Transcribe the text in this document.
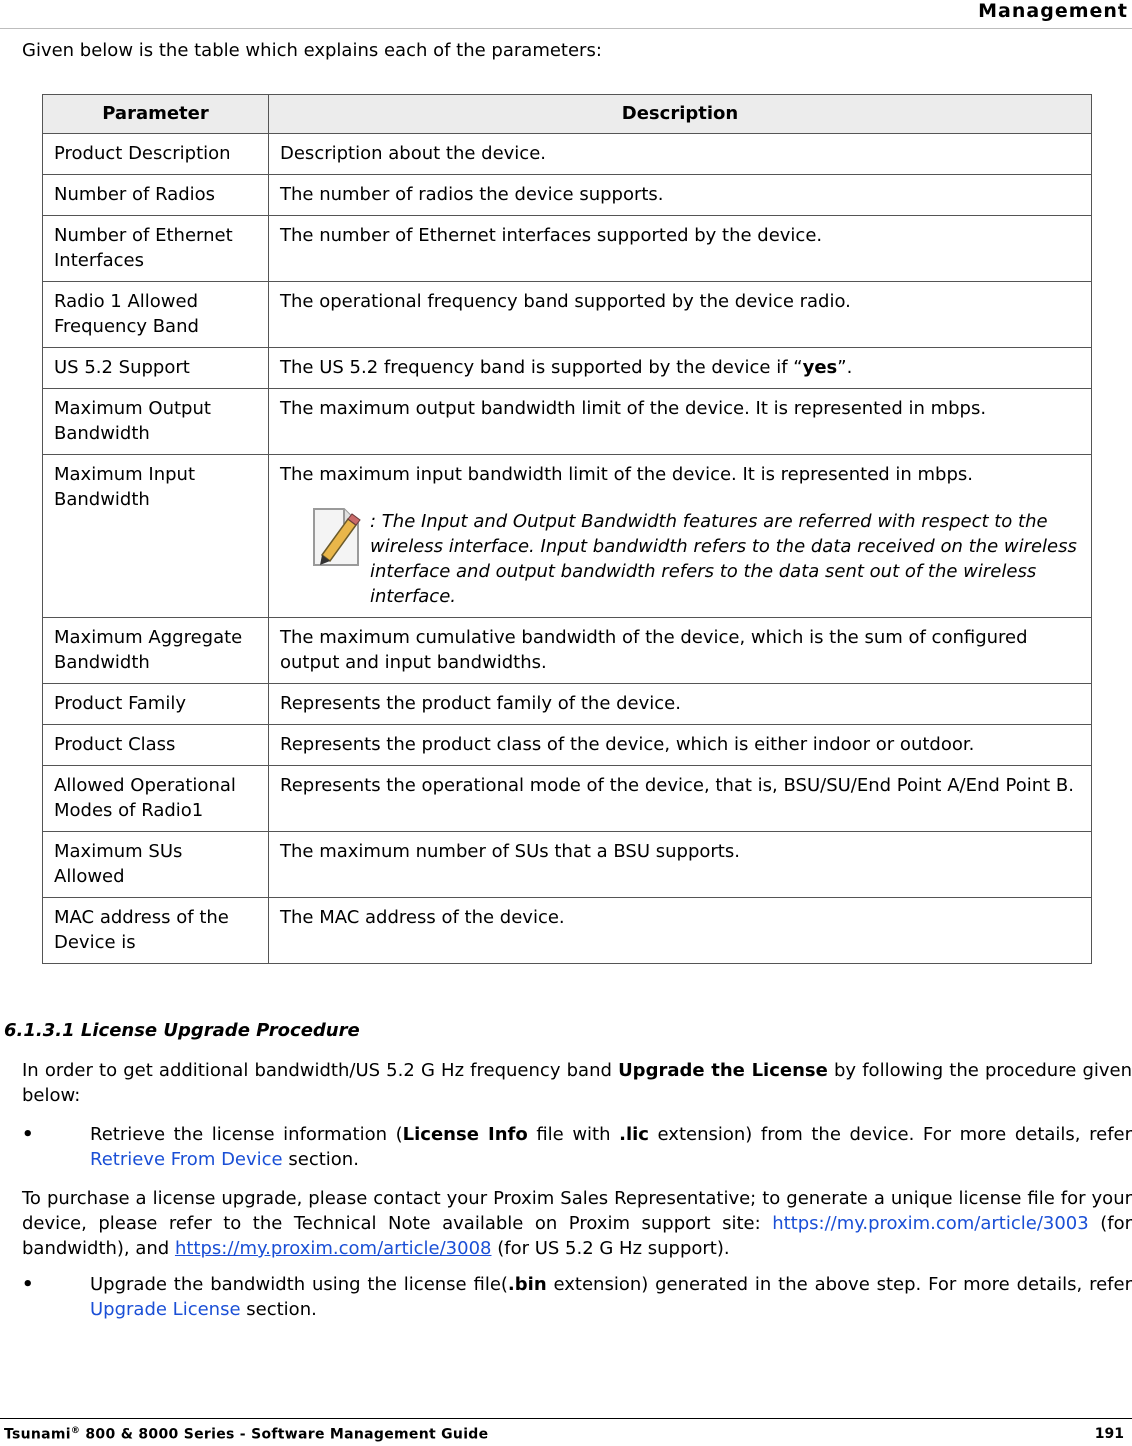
Management
Given below is the table which explains each of the parameters:
Parameter	Description
Product Description	Description about the device.
Number of Radios	The number of radios the device supports.
Number of Ethernet Interfaces	The number of Ethernet interfaces supported by the device.
Radio 1 Allowed Frequency Band	The operational frequency band supported by the device radio.
US 5.2 Support	The US 5.2 frequency band is supported by the device if “yes”.
Maximum Output Bandwidth	The maximum output bandwidth limit of the device. It is represented in mbps.
Maximum Input Bandwidth	The maximum input bandwidth limit of the device. It is represented in mbps.
: The Input and Output Bandwidth features are referred with respect to the wireless interface. Input bandwidth refers to the data received on the wireless interface and output bandwidth refers to the data sent out of the wireless interface.

Maximum Aggregate Bandwidth	The maximum cumulative bandwidth of the device, which is the sum of configured output and input bandwidths.
Product Family	Represents the product family of the device.
Product Class	Represents the product class of the device, which is either indoor or outdoor.
Allowed Operational Modes of Radio1	Represents the operational mode of the device, that is, BSU/SU/End Point A/End Point B.
Maximum SUs Allowed	The maximum number of SUs that a BSU supports.
MAC address of the Device is	The MAC address of the device.
6.1.3.1 License Upgrade Procedure
In order to get additional bandwidth/US 5.2 G Hz frequency band Upgrade the License by following the procedure given below:
•	Retrieve the license information (License Info file with .lic extension) from the device. For more details, refer Retrieve From Device section.
To purchase a license upgrade, please contact your Proxim Sales Representative; to generate a unique license file for your device, please refer to the Technical Note available on Proxim support site: https://my.proxim.com/article/3003 (for bandwidth), and https://my.proxim.com/article/3008 (for US 5.2 G Hz support).
•	Upgrade the bandwidth using the license file(.bin extension) generated in the above step. For more details, refer Upgrade License section.
Tsunami® 800 & 8000 Series - Software Management Guide	191
